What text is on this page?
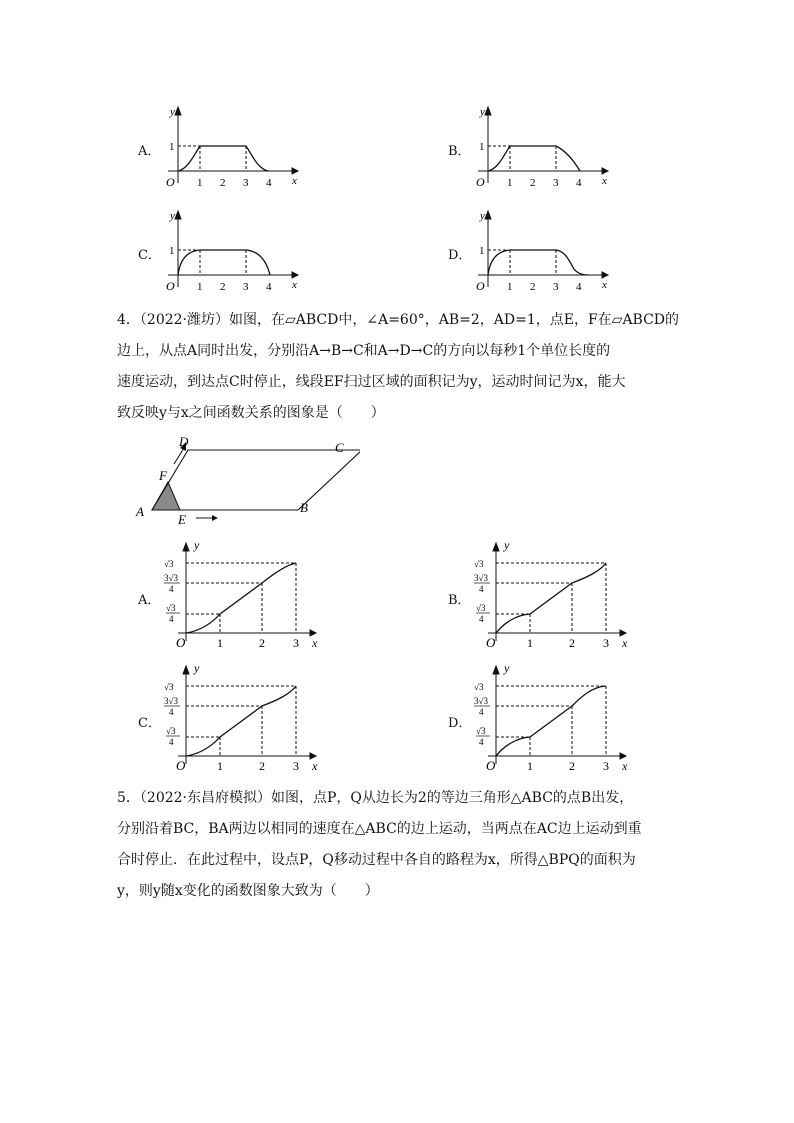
A．
y
x
O
1
1 2 3 4
B．
y
x
O
1
1 2 3 4
C．
y
x
O
1
1 2 3 4
D．
y
x
O
1
1 2 3 4
4．（2022·潍坊）如图，在▱ABCD中，∠A=60°，AB=2，AD=1，点E，F在▱ABCD的
边上，从点A同时出发，分别沿A→B→C和A→D→C的方向以每秒1个单位长度的
速度运动，到达点C时停止，线段EF扫过区域的面积记为y，运动时间记为x，能大
致反映y与x之间函数关系的图象是（　　）
D	C
F
A
E
B
A．
y
x
O
√3
3√3
4
√3
4
1	2 3
B．
y
x
O
√3
3√3
4
√3
4
1	2 3
C．
y
x
O
√3
3√3
4
√3
4
1	2 3
D．
y
x
O
√3
3√3
4
√3
4
1	2 3
5．（2022·东昌府模拟）如图，点P，Q从边长为2的等边三角形△ABC的点B出发，
分别沿着BC，BA两边以相同的速度在△ABC的边上运动，当两点在AC边上运动到重
合时停止．在此过程中，设点P，Q移动过程中各自的路程为x，所得△BPQ的面积为
y，则y随x变化的函数图象大致为（　　）
